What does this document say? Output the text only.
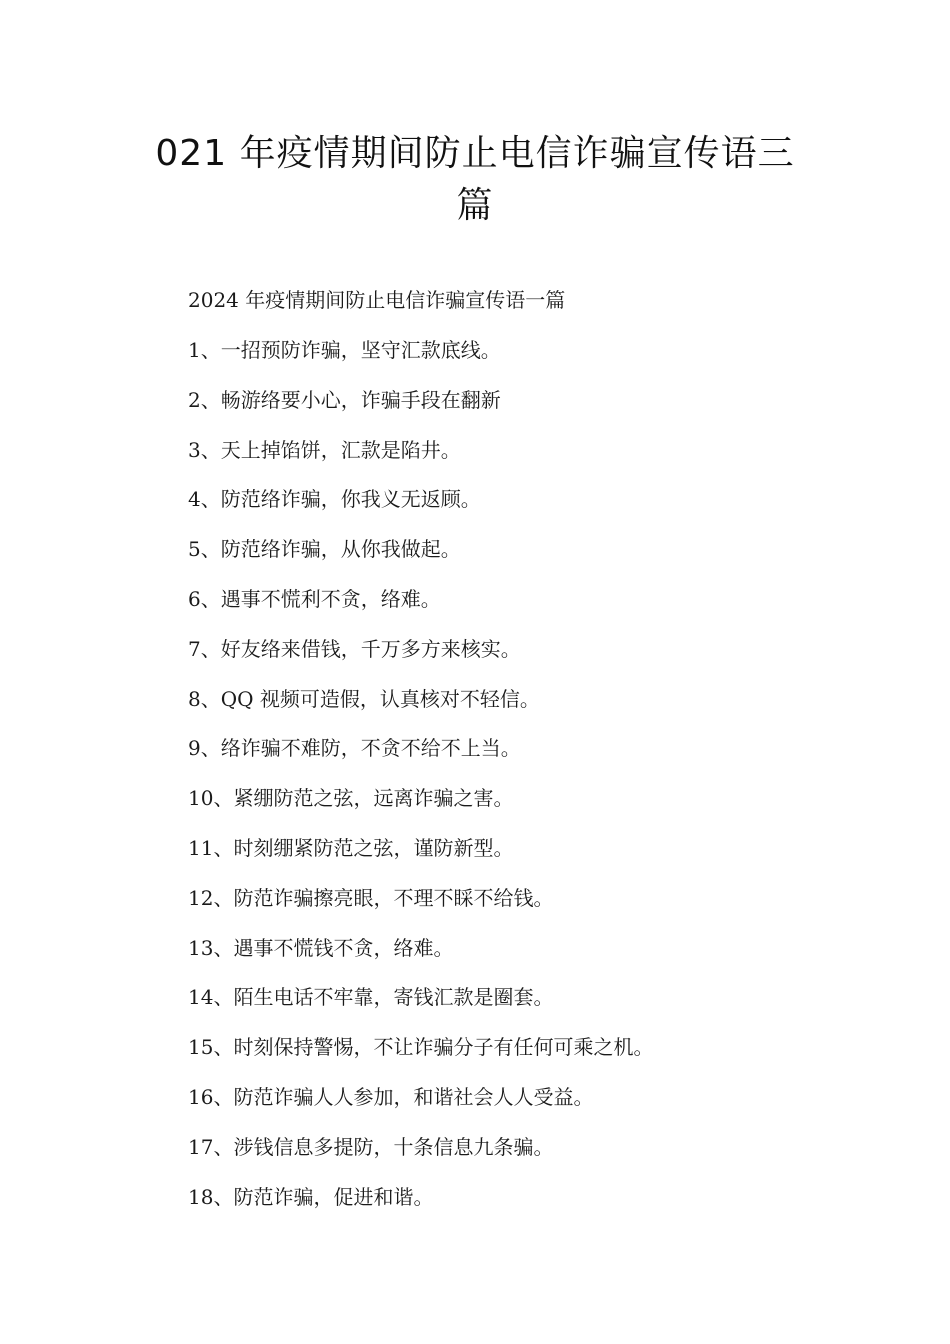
021 年疫情期间防止电信诈骗宣传语三
篇

2024 年疫情期间防止电信诈骗宣传语一篇

1、一招预防诈骗，坚守汇款底线。
2、畅游络要小心，诈骗手段在翻新
3、天上掉馅饼，汇款是陷井。
4、防范络诈骗，你我义无返顾。
5、防范络诈骗，从你我做起。
6、遇事不慌利不贪，络难。
7、好友络来借钱，千万多方来核实。
8、QQ 视频可造假，认真核对不轻信。
9、络诈骗不难防，不贪不给不上当。
10、紧绷防范之弦，远离诈骗之害。
11、时刻绷紧防范之弦，谨防新型。
12、防范诈骗擦亮眼，不理不睬不给钱。
13、遇事不慌钱不贪，络难。
14、陌生电话不牢靠，寄钱汇款是圈套。
15、时刻保持警惕，不让诈骗分子有任何可乘之机。
16、防范诈骗人人参加，和谐社会人人受益。
17、涉钱信息多提防，十条信息九条骗。
18、防范诈骗，促进和谐。
